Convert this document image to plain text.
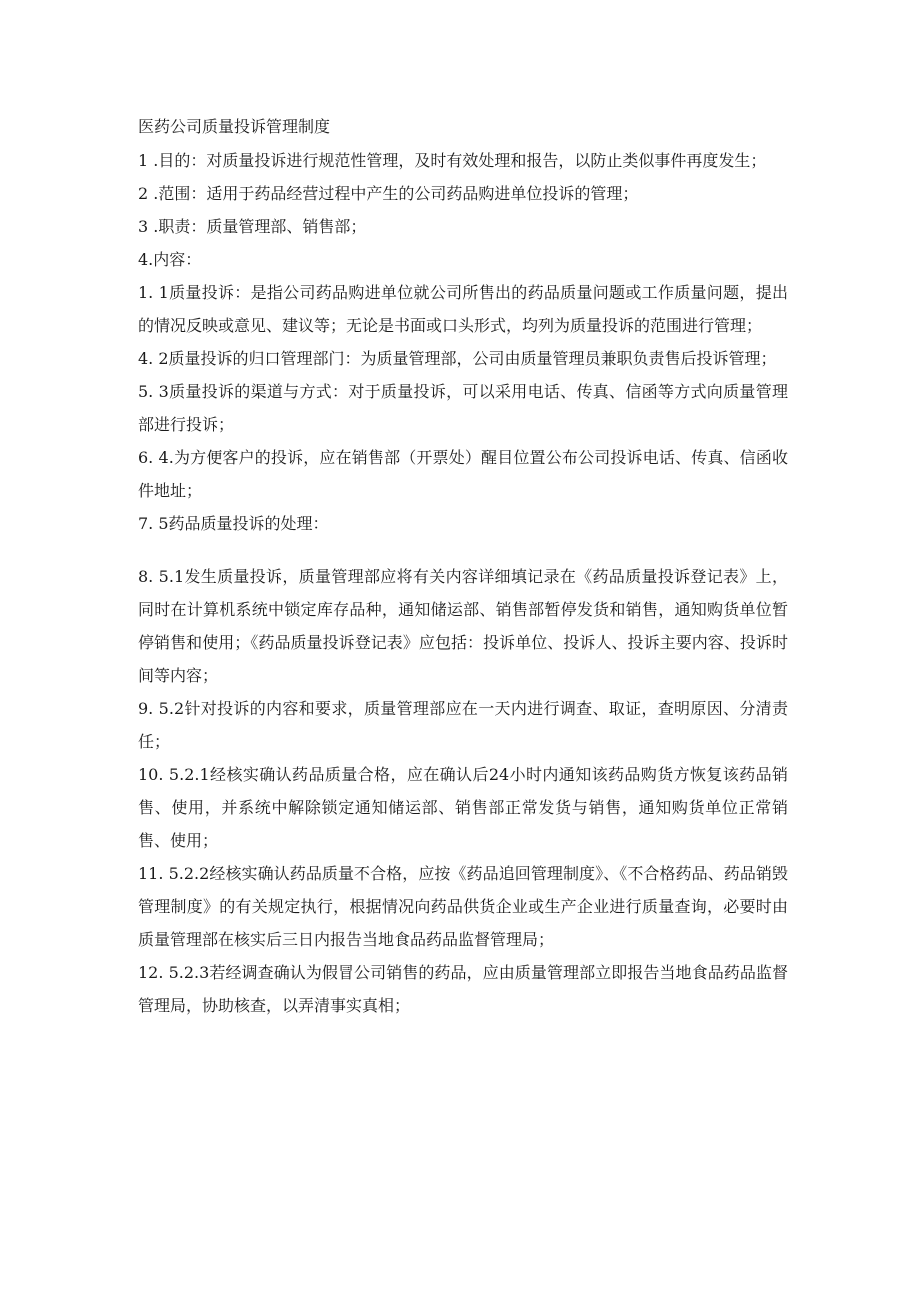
医药公司质量投诉管理制度

1 .目的：对质量投诉进行规范性管理，及时有效处理和报告，以防止类似事件再度发生；

2 .范围：适用于药品经营过程中产生的公司药品购进单位投诉的管理；

3 .职责：质量管理部、销售部；

4.内容：

1. 1质量投诉：是指公司药品购进单位就公司所售出的药品质量问题或工作质量问题，提出的情况反映或意见、建议等；无论是书面或口头形式，均列为质量投诉的范围进行管理；

4. 2质量投诉的归口管理部门：为质量管理部，公司由质量管理员兼职负责售后投诉管理；

5. 3质量投诉的渠道与方式：对于质量投诉，可以采用电话、传真、信函等方式向质量管理部进行投诉；

6. 4.为方便客户的投诉，应在销售部（开票处）醒目位置公布公司投诉电话、传真、信函收件地址；

7. 5药品质量投诉的处理：

8. 5.1发生质量投诉，质量管理部应将有关内容详细填记录在《药品质量投诉登记表》上，同时在计算机系统中锁定库存品种，通知储运部、销售部暂停发货和销售，通知购货单位暂停销售和使用；《药品质量投诉登记表》应包括：投诉单位、投诉人、投诉主要内容、投诉时间等内容；

9. 5.2针对投诉的内容和要求，质量管理部应在一天内进行调查、取证，查明原因、分清责任；

10. 5.2.1经核实确认药品质量合格，应在确认后24小时内通知该药品购货方恢复该药品销售、使用，并系统中解除锁定通知储运部、销售部正常发货与销售，通知购货单位正常销售、使用；

11. 5.2.2经核实确认药品质量不合格，应按《药品追回管理制度》、《不合格药品、药品销毁管理制度》的有关规定执行，根据情况向药品供货企业或生产企业进行质量查询，必要时由质量管理部在核实后三日内报告当地食品药品监督管理局；

12. 5.2.3若经调查确认为假冒公司销售的药品，应由质量管理部立即报告当地食品药品监督管理局，协助核查，以弄清事实真相；
